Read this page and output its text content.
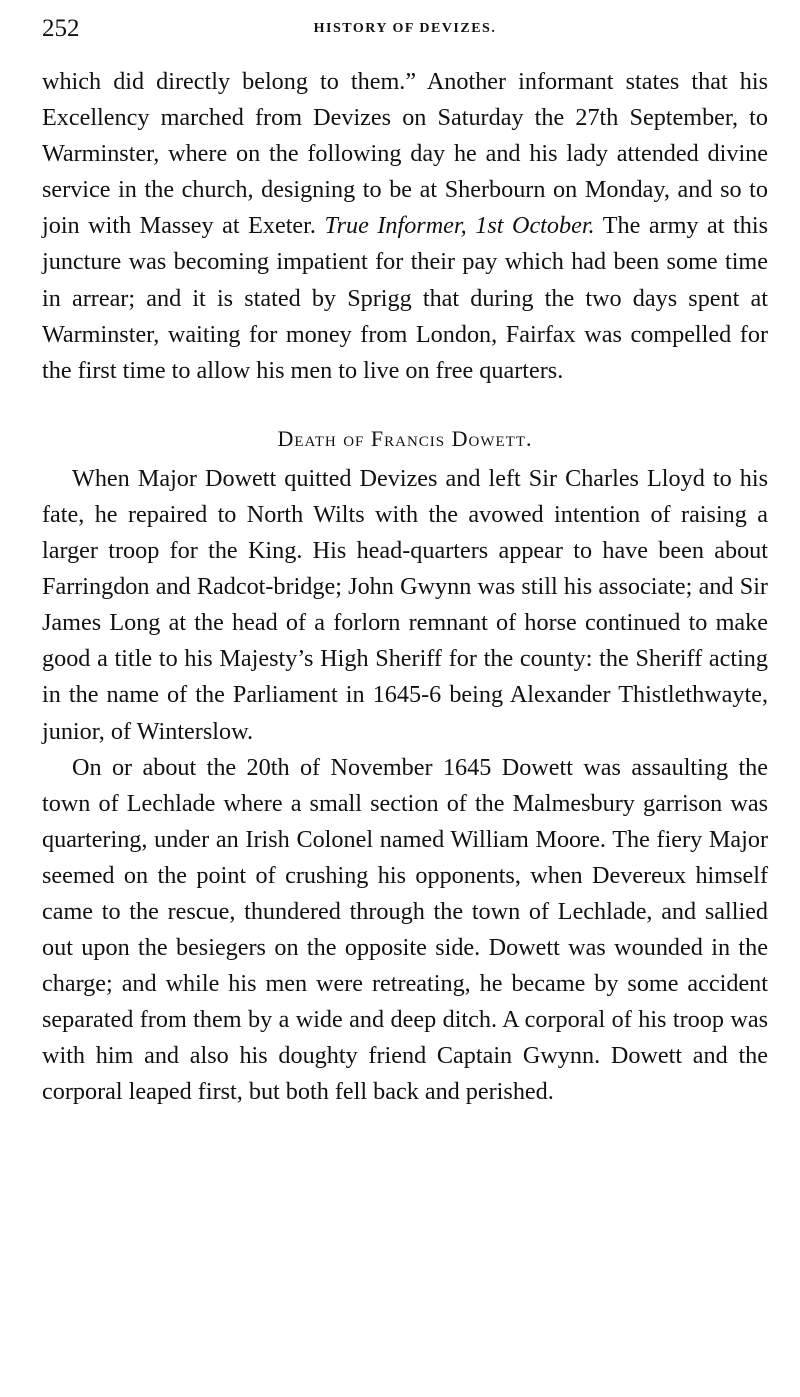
252	HISTORY OF DEVIZES.

which did directly belong to them.” Another informant states that his Excellency marched from Devizes on Saturday the 27th September, to Warminster, where on the following day he and his lady attended divine service in the church, designing to be at Sherbourn on Monday, and so to join with Massey at Exeter. True Informer, 1st October. The army at this juncture was becoming impatient for their pay which had been some time in arrear; and it is stated by Sprigg that during the two days spent at Warminster, waiting for money from London, Fairfax was compelled for the first time to allow his men to live on free quarters.

Death of Francis Dowett.

When Major Dowett quitted Devizes and left Sir Charles Lloyd to his fate, he repaired to North Wilts with the avowed intention of raising a larger troop for the King. His head-quarters appear to have been about Farringdon and Radcot-bridge; John Gwynn was still his associate; and Sir James Long at the head of a forlorn remnant of horse continued to make good a title to his Majesty’s High Sheriff for the county: the Sheriff acting in the name of the Parliament in 1645-6 being Alexander Thistlethwayte, junior, of Winterslow.

On or about the 20th of November 1645 Dowett was assaulting the town of Lechlade where a small section of the Malmesbury garrison was quartering, under an Irish Colonel named William Moore. The fiery Major seemed on the point of crushing his opponents, when Devereux himself came to the rescue, thundered through the town of Lechlade, and sallied out upon the besiegers on the opposite side. Dowett was wounded in the charge; and while his men were retreating, he became by some accident separated from them by a wide and deep ditch. A corporal of his troop was with him and also his doughty friend Captain Gwynn. Dowett and the corporal leaped first, but both fell back and perished.
